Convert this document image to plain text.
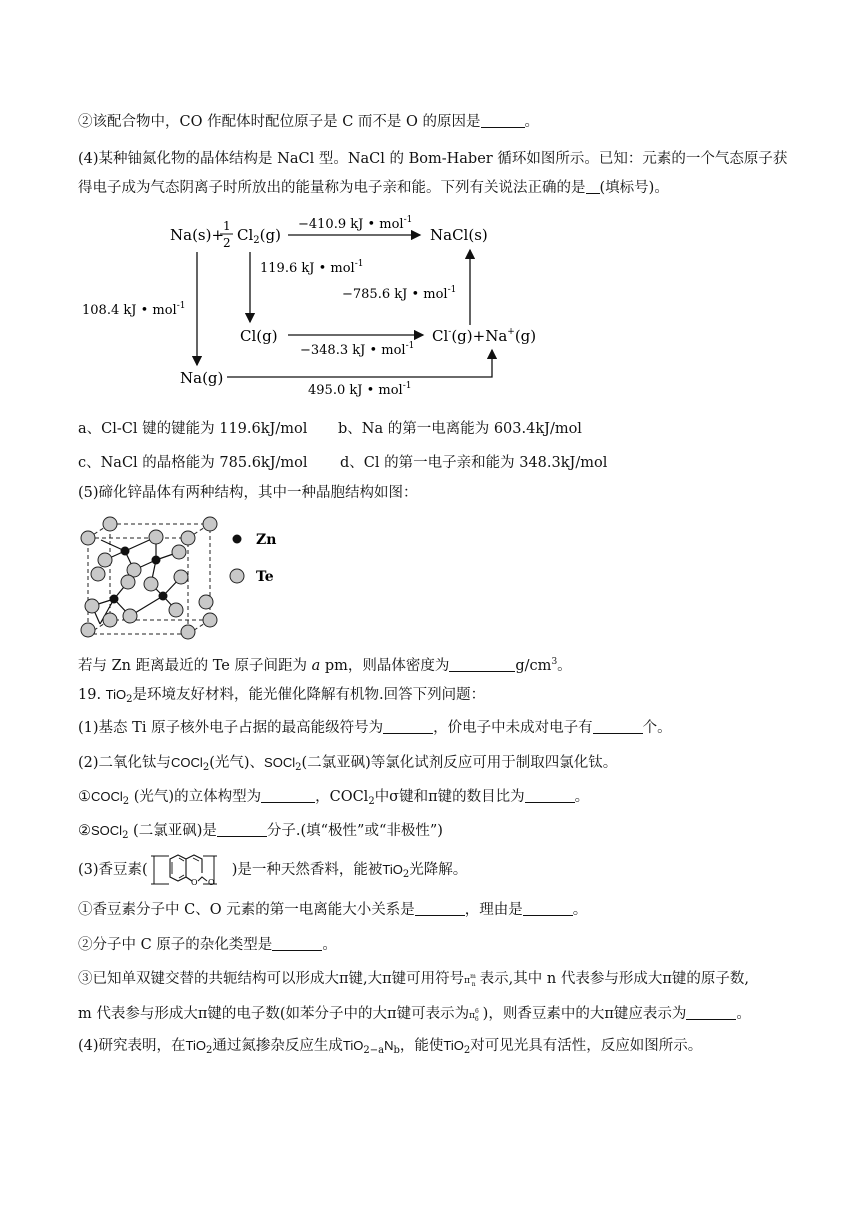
②该配合物中，CO 作配体时配位原子是 C 而不是 O 的原因是	。
(4)某种铀氮化物的晶体结构是 NaCl 型。NaCl 的 Bom-Haber 循环如图所示。已知：元素的一个气态原子获
得电子成为气态阴离子时所放出的能量称为电子亲和能。下列有关说法正确的是 (填标号)。
Na(s)+
1
2 $Cl_2(g)$
−410.9 kJ • mol$^{-1}$
NaCl(s)
119.6 kJ • mol$^{-1}$
108.4 kJ • mol$^{-1}$
−785.6 kJ • mol$^{-1}$
Cl(g)
−348.3 kJ • mol$^{-1}$
Cl-(g)+Na+(g)
Na(g)
495.0 kJ • mol$^{-1}$
a、Cl-Cl 键的键能为 119.6kJ/mol b、Na 的第一电离能为 603.4kJ/mol
c、NaCl 的晶格能为 785.6kJ/mol d、Cl 的第一电子亲和能为 348.3kJ/mol
(5)碲化锌晶体有两种结构，其中一种晶胞结构如图：
Zn
Te
若与 Zn 距离最近的 Te 原子间距为 a pm，则晶体密度为	$g/cm^3$。
19. TiO$_2$是环境友好材料，能光催化降解有机物.回答下列问题：
(1)基态 Ti 原子核外电子占据的最高能级符号为	，价电子中未成对电子有	个。
(2)二氧化钛与COCl$_2$(光气)、SOCl$_2$(二氯亚砜)等氯化试剂反应可用于制取四氯化钛。
①COCl$_2$ (光气)的立体构型为	，COCl$_2$中σ键和π键的数目比为	。
②SOCl$_2$ (二氯亚砜)是	分子.(填“极性”或“非极性”)
(3)香豆素(
O O
)是一种天然香料，能被TiO$_2$光降解。
①香豆素分子中 C、O 元素的第一电离能大小关系是	，理由是	。
②分子中 C 原子的杂化类型是	。
③已知单双键交替的共轭结构可以形成大π键,大π键可用符号$\pi^m_n$ 表示,其中 n 代表参与形成大π键的原子数,
m 代表参与形成大π键的电子数(如苯分子中的大π键可表示为$\pi^6_6$ )，则香豆素中的大π键应表示为	。
(4)研究表明，在TiO$_2$通过氮掺杂反应生成$TiO_{2-a}N_b$，能使TiO$_2$对可见光具有活性，反应如图所示。
